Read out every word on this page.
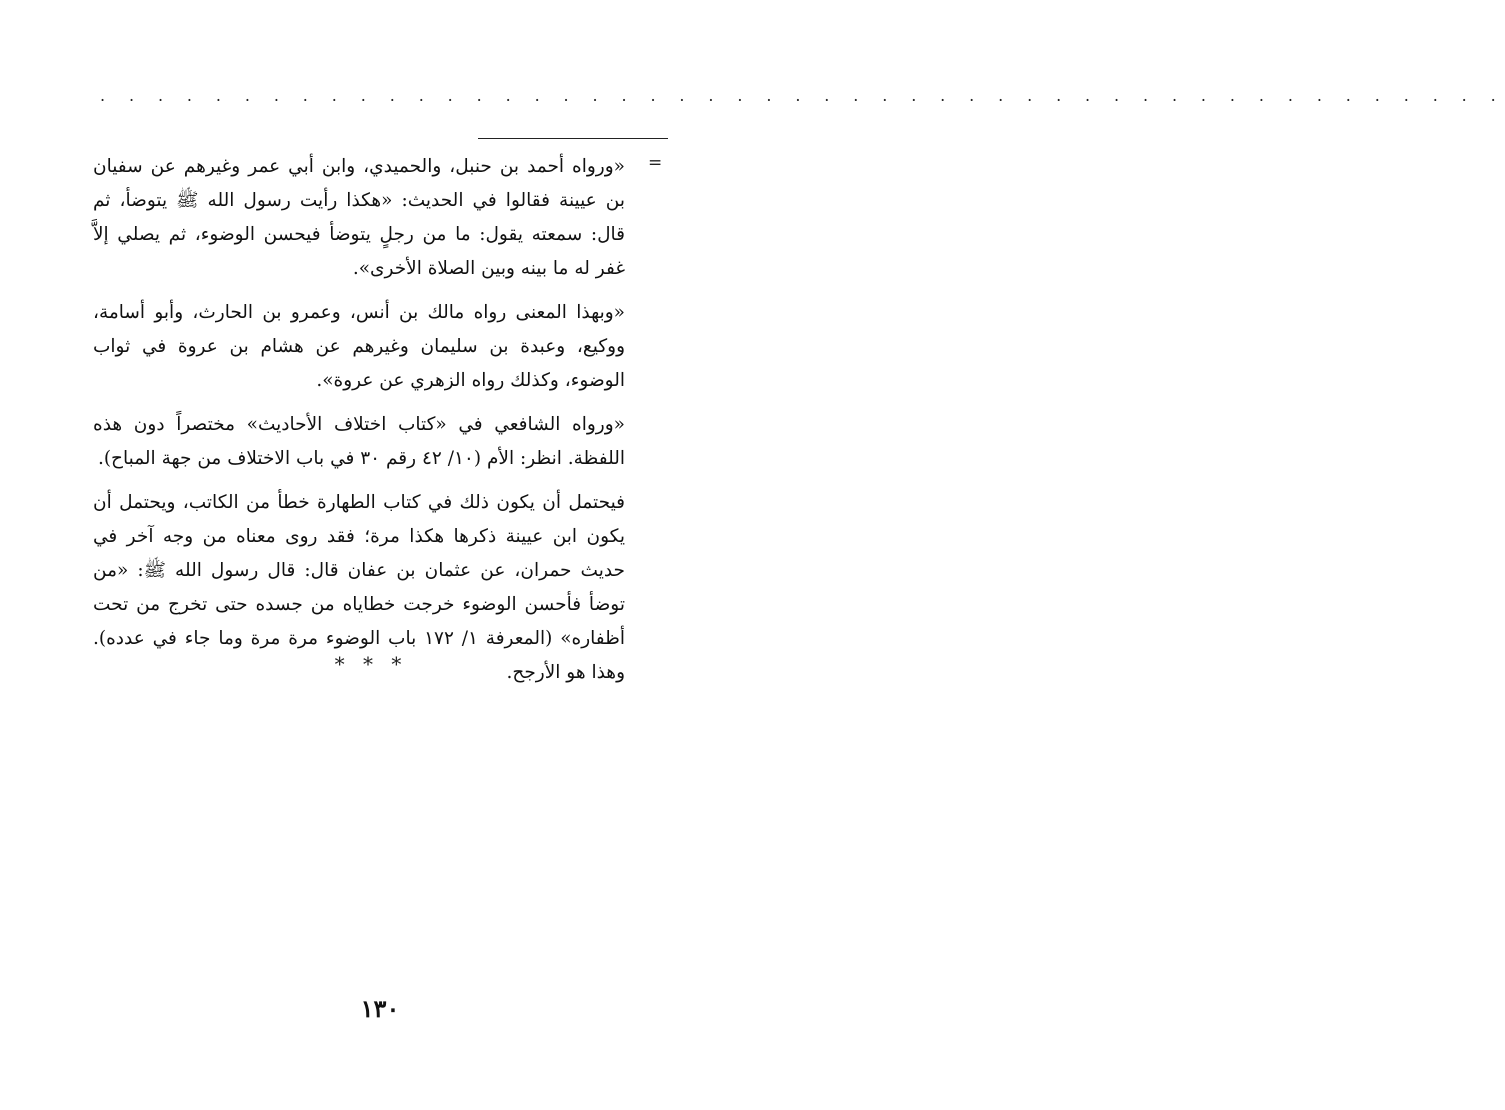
. . . . . . . . . . . . . . . . . . . . . . . . . . . . . . . . . . . . . . . . . . . . . . . . .
=

«ورواه أحمد بن حنبل، والحميدي، وابن أبي عمر وغيرهم عن سفيان بن عيينة فقالوا في الحديث: «هكذا رأيت رسول الله ﷺ يتوضأ، ثم قال: سمعته يقول: ما من رجلٍ يتوضأ فيحسن الوضوء، ثم يصلي إلاَّ غفر له ما بينه وبين الصلاة الأخرى».

«وبهذا المعنى رواه مالك بن أنس، وعمرو بن الحارث، وأبو أسامة، ووكيع، وعبدة بن سليمان وغيرهم عن هشام بن عروة في ثواب الوضوء، وكذلك رواه الزهري عن عروة».

«ورواه الشافعي في «كتاب اختلاف الأحاديث» مختصراً دون هذه اللفظة. انظر: الأم (١٠/ ٤٢ رقم ٣٠ في باب الاختلاف من جهة المباح).

فيحتمل أن يكون ذلك في كتاب الطهارة خطأ من الكاتب، ويحتمل أن يكون ابن عيينة ذكرها هكذا مرة؛ فقد روى معناه من وجه آخر في حديث حمران، عن عثمان بن عفان قال: قال رسول الله ﷺ: «من توضأ فأحسن الوضوء خرجت خطاياه من جسده حتى تخرج من تحت أظفاره» (المعرفة ١/ ١٧٢ باب الوضوء مرة مرة وما جاء في عدده). وهذا هو الأرجح.

* * *
١٣٠
